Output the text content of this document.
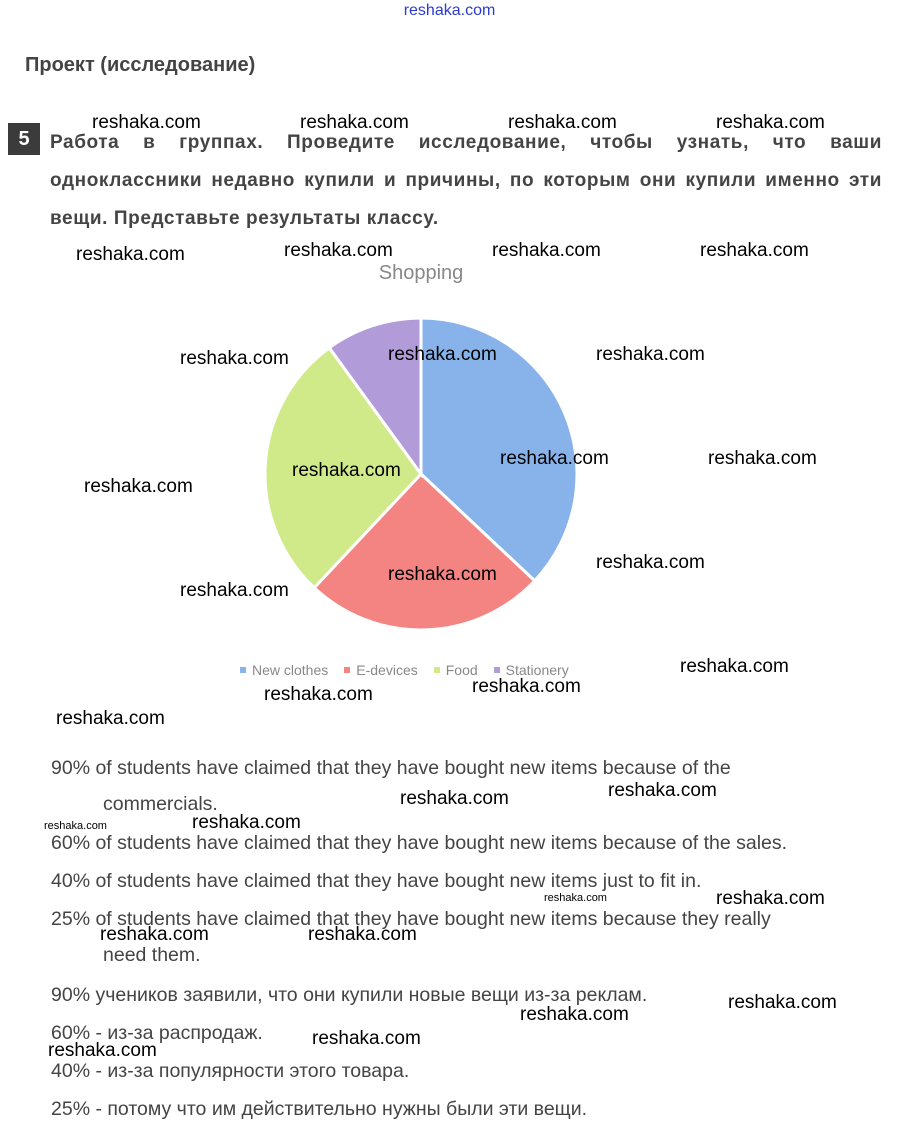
reshaka.com
Проект (исследование)
5	Работа в группах. Проведите исследование, чтобы узнать, что ваши одноклассники недавно купили и причины, по которым они купили именно эти вещи. Представьте результаты классу.
Shopping
New clothes E-devices Food Stationery
90% of students have claimed that they have bought new items because of the
commercials.
60% of students have claimed that they have bought new items because of the sales.
40% of students have claimed that they have bought new items just to fit in.
25% of students have claimed that they have bought new items because they really
need them.
90% учеников заявили, что они купили новые вещи из-за реклам.
60% - из-за распродаж.
40% - из-за популярности этого товара.
25% - потому что им действительно нужны были эти вещи.
reshaka.com	reshaka.com	reshaka.com	reshaka.com
reshaka.com	reshaka.com	reshaka.com	reshaka.com
reshaka.com	reshaka.com	reshaka.com
reshaka.com
reshaka.com
reshaka.com	reshaka.com
reshaka.com
reshaka.com
reshaka.com
reshaka.com
reshaka.com	reshaka.com
reshaka.com
reshaka.com	reshaka.com
reshaka.com
reshaka.com
reshaka.com	reshaka.com
reshaka.com
reshaka.com
reshaka.com
reshaka.com
reshaka.com
reshaka.com
